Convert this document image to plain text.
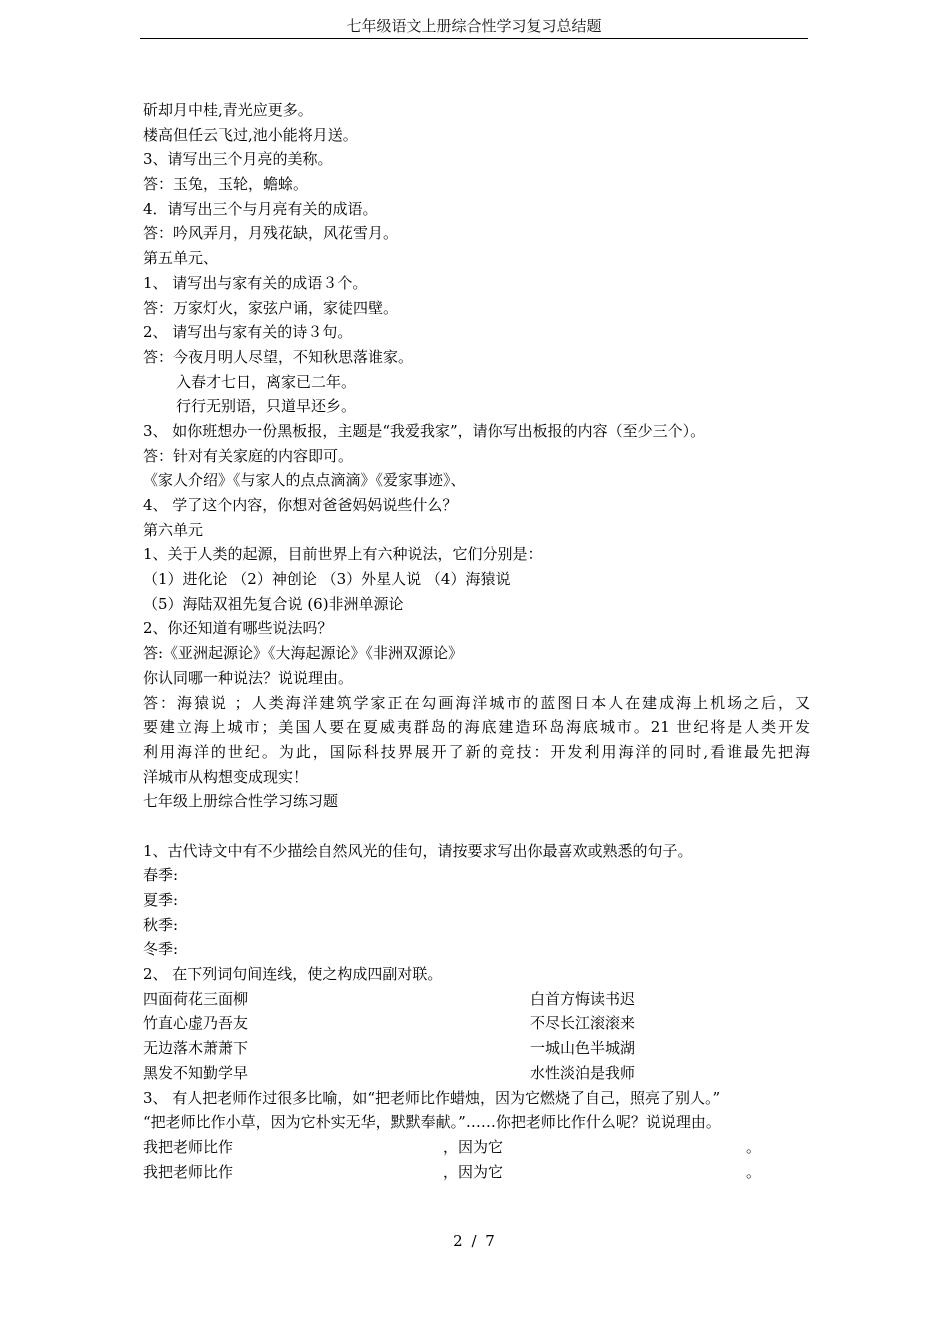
七年级语文上册综合性学习复习总结题
斫却月中桂,青光应更多。
楼高但任云飞过,池小能将月送。
3、请写出三个月亮的美称。
答：玉兔，玉轮，蟾蜍。
4．请写出三个与月亮有关的成语。
答：吟风弄月，月残花缺，风花雪月。
第五单元、
1、 请写出与家有关的成语３个。
答：万家灯火，家弦户诵，家徒四壁。
2、 请写出与家有关的诗３句。
答：今夜月明人尽望，不知秋思落谁家。
入春才七日，离家已二年。
行行无别语，只道早还乡。
3、 如你班想办一份黑板报，主题是“我爱我家”，请你写出板报的内容（至少三个）。
答：针对有关家庭的内容即可。
《家人介绍》《与家人的点点滴滴》《爱家事迹》、
4、 学了这个内容，你想对爸爸妈妈说些什么？
第六单元
1、关于人类的起源，目前世界上有六种说法，它们分别是：
（1）进化论 （2）神创论 （3）外星人说 （4）海猿说
（5）海陆双祖先复合说 (6)非洲单源论
2、你还知道有哪些说法吗？
答:《亚洲起源论》《大海起源论》《非洲双源论》
你认同哪一种说法？说说理由。
答：海猿说 ；人类海洋建筑学家正在勾画海洋城市的蓝图日本人在建成海上机场之后，又
要建立海上城市；美国人要在夏威夷群岛的海底建造环岛海底城市。21 世纪将是人类开发
利用海洋的世纪。为此，国际科技界展开了新的竞技：开发利用海洋的同时,看谁最先把海
洋城市从构想变成现实！
七年级上册综合性学习练习题
1、古代诗文中有不少描绘自然风光的佳句，请按要求写出你最喜欢或熟悉的句子。
春季:
夏季:
秋季:
冬季:
2、 在下列词句间连线，使之构成四副对联。
四面荷花三面柳	白首方悔读书迟
竹直心虚乃吾友	不尽长江滚滚来
无边落木萧萧下	一城山色半城湖
黑发不知勤学早	水性淡泊是我师
3、 有人把老师作过很多比喻，如“把老师比作蜡烛，因为它燃烧了自己，照亮了别人。”
“把老师比作小草，因为它朴实无华，默默奉献。”……你把老师比作什么呢？说说理由。
我把老师比作	，因为它	。
我把老师比作	，因为它	。
2 / 7
